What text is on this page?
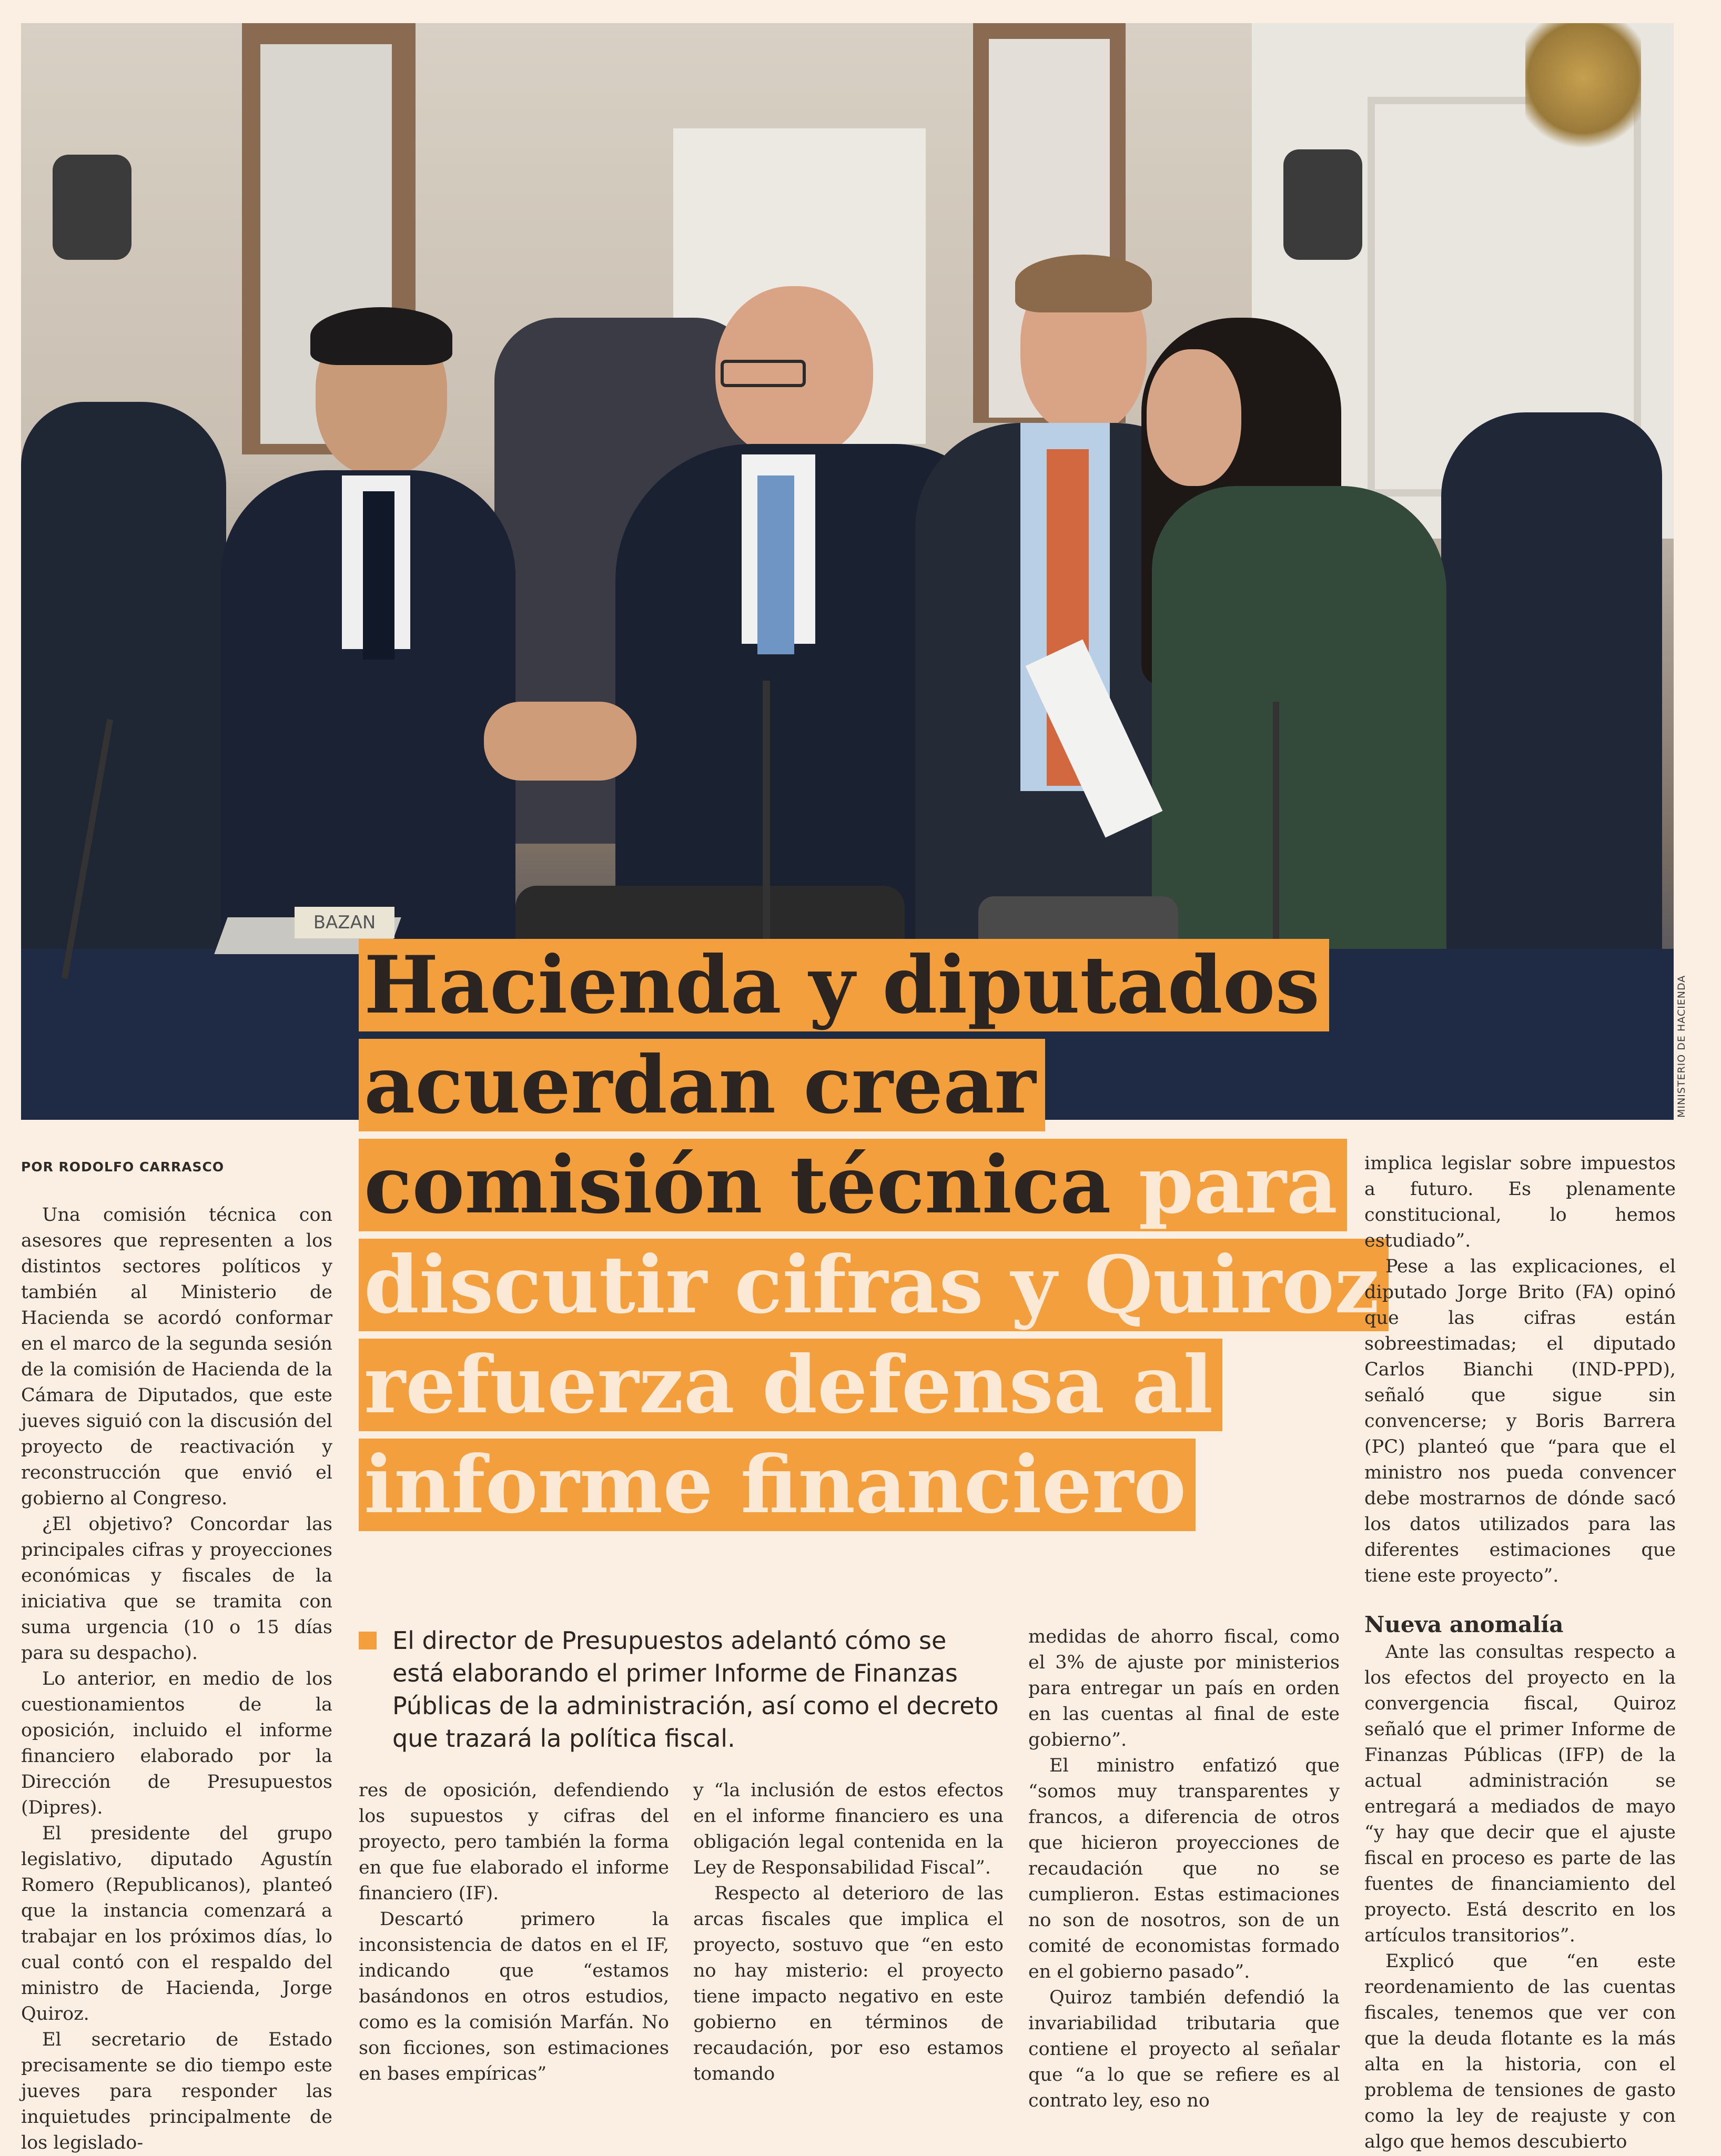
BAZAN
MINISTERIO DE HACIENDA
POR RODOLFO CARRASCO

Una comisión técnica con asesores que representen a los distintos sectores políticos y también al Ministerio de Hacienda se acordó conformar en el marco de la segunda sesión de la comisión de Hacienda de la Cámara de Diputados, que este jueves siguió con la discusión del proyecto de reactivación y reconstrucción que envió el gobierno al Congreso.

¿El objetivo? Concordar las principales cifras y proyecciones económicas y fiscales de la iniciativa que se tramita con suma urgencia (10 o 15 días para su despacho).

Lo anterior, en medio de los cuestionamientos de la oposición, incluido el informe financiero elaborado por la Dirección de Presupuestos (Dipres).

El presidente del grupo legislativo, diputado Agustín Romero (Republicanos), planteó que la instancia comenzará a trabajar en los próximos días, lo cual contó con el respaldo del ministro de Hacienda, Jorge Quiroz.

El secretario de Estado precisamente se dio tiempo este jueves para responder las inquietudes principalmente de los legislado-

Hacienda y diputados
acuerdan crear
comisión técnica para
discutir cifras y Quiroz
refuerza defensa al
informe financiero
El director de Presupuestos adelantó cómo se está elaborando el primer Informe de Finanzas Públicas de la administración, así como el decreto que trazará la política fiscal.

res de oposición, defendiendo los supuestos y cifras del proyecto, pero también la forma en que fue elaborado el informe financiero (IF).

Descartó primero la inconsistencia de datos en el IF, indicando que “estamos basándonos en otros estudios, como es la comisión Marfán. No son ficciones, son estimaciones en bases empíricas”

y “la inclusión de estos efectos en el informe financiero es una obligación legal contenida en la Ley de Responsabilidad Fiscal”.

Respecto al deterioro de las arcas fiscales que implica el proyecto, sostuvo que “en esto no hay misterio: el proyecto tiene impacto negativo en este gobierno en términos de recaudación, por eso estamos tomando

medidas de ahorro fiscal, como el 3% de ajuste por ministerios para entregar un país en orden en las cuentas al final de este gobierno”.

El ministro enfatizó que “somos muy transparentes y francos, a diferencia de otros que hicieron proyecciones de recaudación que no se cumplieron. Estas estimaciones no son de nosotros, son de un comité de economistas formado en el gobierno pasado”.

Quiroz también defendió la invariabilidad tributaria que contiene el proyecto al señalar que “a lo que se refiere es al contrato ley, eso no

implica legislar sobre impuestos a futuro. Es plenamente constitucional, lo hemos estudiado”.

Pese a las explicaciones, el diputado Jorge Brito (FA) opinó que las cifras están sobreestimadas; el diputado Carlos Bianchi (IND-PPD), señaló que sigue sin convencerse; y Boris Barrera (PC) planteó que “para que el ministro nos pueda convencer debe mostrarnos de dónde sacó los datos utilizados para las diferentes estimaciones que tiene este proyecto”.

Nueva anomalía

Ante las consultas respecto a los efectos del proyecto en la convergencia fiscal, Quiroz señaló que el primer Informe de Finanzas Públicas (IFP) de la actual administración se entregará a mediados de mayo “y hay que decir que el ajuste fiscal en proceso es parte de las fuentes de financiamiento del proyecto. Está descrito en los artículos transitorios”.

Explicó que “en este reordenamiento de las cuentas fiscales, tenemos que ver con que la deuda flotante es la más alta en la historia, con el problema de tensiones de gasto como la ley de reajuste y con algo que hemos descubierto
